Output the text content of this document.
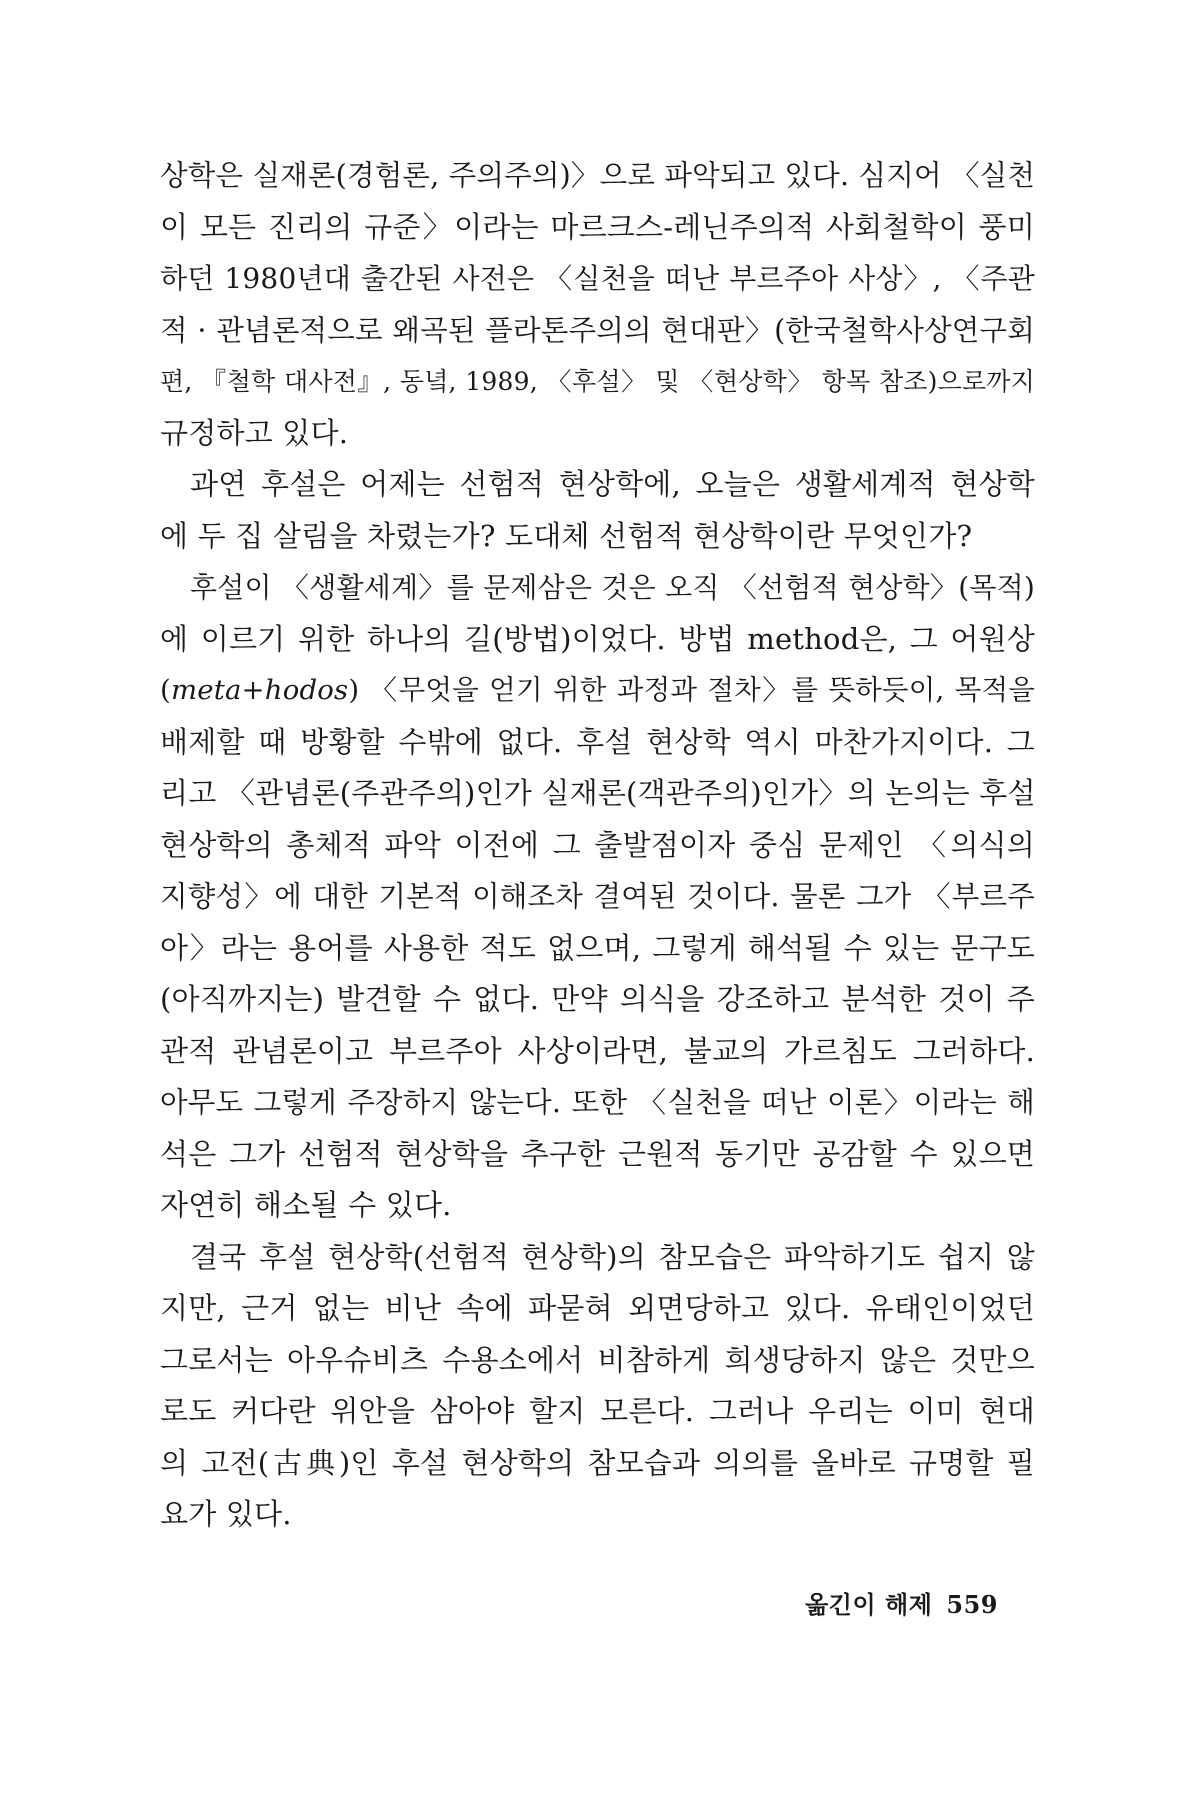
상학은 실재론(경험론, 주의주의)〉으로 파악되고 있다. 심지어 〈실천
이 모든 진리의 규준〉이라는 마르크스-레닌주의적 사회철학이 풍미
하던 1980년대 출간된 사전은 〈실천을 떠난 부르주아 사상〉, 〈주관
적 · 관념론적으로 왜곡된 플라톤주의의 현대판〉(한국철학사상연구회
편, 『철학 대사전』, 동녘, 1989, 〈후설〉 및 〈현상학〉 항목 참조)으로까지
규정하고 있다.
과연 후설은 어제는 선험적 현상학에, 오늘은 생활세계적 현상학
에 두 집 살림을 차렸는가? 도대체 선험적 현상학이란 무엇인가?
후설이 〈생활세계〉를 문제삼은 것은 오직 〈선험적 현상학〉(목적)
에 이르기 위한 하나의 길(방법)이었다. 방법 method은, 그 어원상
(meta+hodos) 〈무엇을 얻기 위한 과정과 절차〉를 뜻하듯이, 목적을
배제할 때 방황할 수밖에 없다. 후설 현상학 역시 마찬가지이다. 그
리고 〈관념론(주관주의)인가 실재론(객관주의)인가〉의 논의는 후설
현상학의 총체적 파악 이전에 그 출발점이자 중심 문제인 〈의식의
지향성〉에 대한 기본적 이해조차 결여된 것이다. 물론 그가 〈부르주
아〉라는 용어를 사용한 적도 없으며, 그렇게 해석될 수 있는 문구도
(아직까지는) 발견할 수 없다. 만약 의식을 강조하고 분석한 것이 주
관적 관념론이고 부르주아 사상이라면, 불교의 가르침도 그러하다.
아무도 그렇게 주장하지 않는다. 또한 〈실천을 떠난 이론〉이라는 해
석은 그가 선험적 현상학을 추구한 근원적 동기만 공감할 수 있으면
자연히 해소될 수 있다.
결국 후설 현상학(선험적 현상학)의 참모습은 파악하기도 쉽지 않
지만, 근거 없는 비난 속에 파묻혀 외면당하고 있다. 유태인이었던
그로서는 아우슈비츠 수용소에서 비참하게 희생당하지 않은 것만으
로도 커다란 위안을 삼아야 할지 모른다. 그러나 우리는 이미 현대
의 고전(古典)인 후설 현상학의 참모습과 의의를 올바로 규명할 필
요가 있다.
옮긴이 해제 559
